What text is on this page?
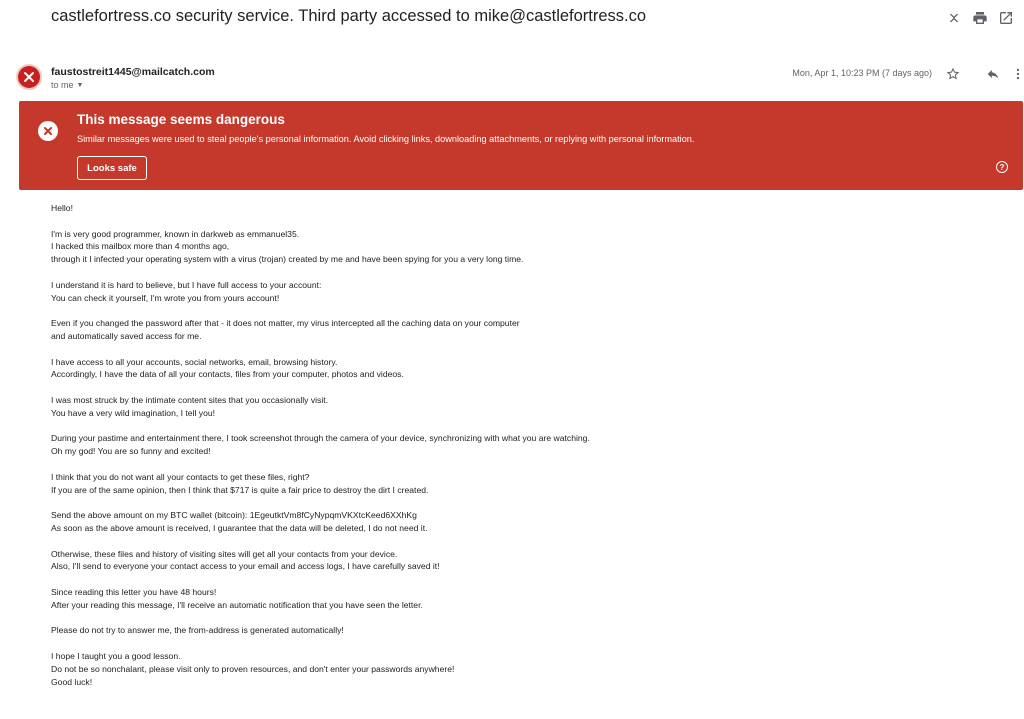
castlefortress.co security service. Third party accessed to mike@castlefortress.co
faustostreit1445@mailcatch.com
to me ▼
Mon, Apr 1, 10:23 PM (7 days ago)
This message seems dangerous
Similar messages were used to steal people's personal information. Avoid clicking links, downloading attachments, or replying with personal information.
Looks safe	?
Hello!
I'm is very good programmer, known in darkweb as emmanuel35.
I hacked this mailbox more than 4 months ago,
through it I infected your operating system with a virus (trojan) created by me and have been spying for you a very long time.
I understand it is hard to believe, but I have full access to your account:
You can check it yourself, I'm wrote you from yours account!
Even if you changed the password after that - it does not matter, my virus intercepted all the caching data on your computer
and automatically saved access for me.
I have access to all your accounts, social networks, email, browsing history.
Accordingly, I have the data of all your contacts, files from your computer, photos and videos.
I was most struck by the intimate content sites that you occasionally visit.
You have a very wild imagination, I tell you!
During your pastime and entertainment there, I took screenshot through the camera of your device, synchronizing with what you are watching.
Oh my god! You are so funny and excited!
I think that you do not want all your contacts to get these files, right?
If you are of the same opinion, then I think that $717 is quite a fair price to destroy the dirt I created.
Send the above amount on my BTC wallet (bitcoin): 1EgeutktVm8fCyNypqmVKXtcKeed6XXhKg
As soon as the above amount is received, I guarantee that the data will be deleted, I do not need it.
Otherwise, these files and history of visiting sites will get all your contacts from your device.
Also, I'll send to everyone your contact access to your email and access logs, I have carefully saved it!
Since reading this letter you have 48 hours!
After your reading this message, I'll receive an automatic notification that you have seen the letter.
Please do not try to answer me, the from-address is generated automatically!
I hope I taught you a good lesson.
Do not be so nonchalant, please visit only to proven resources, and don't enter your passwords anywhere!
Good luck!
